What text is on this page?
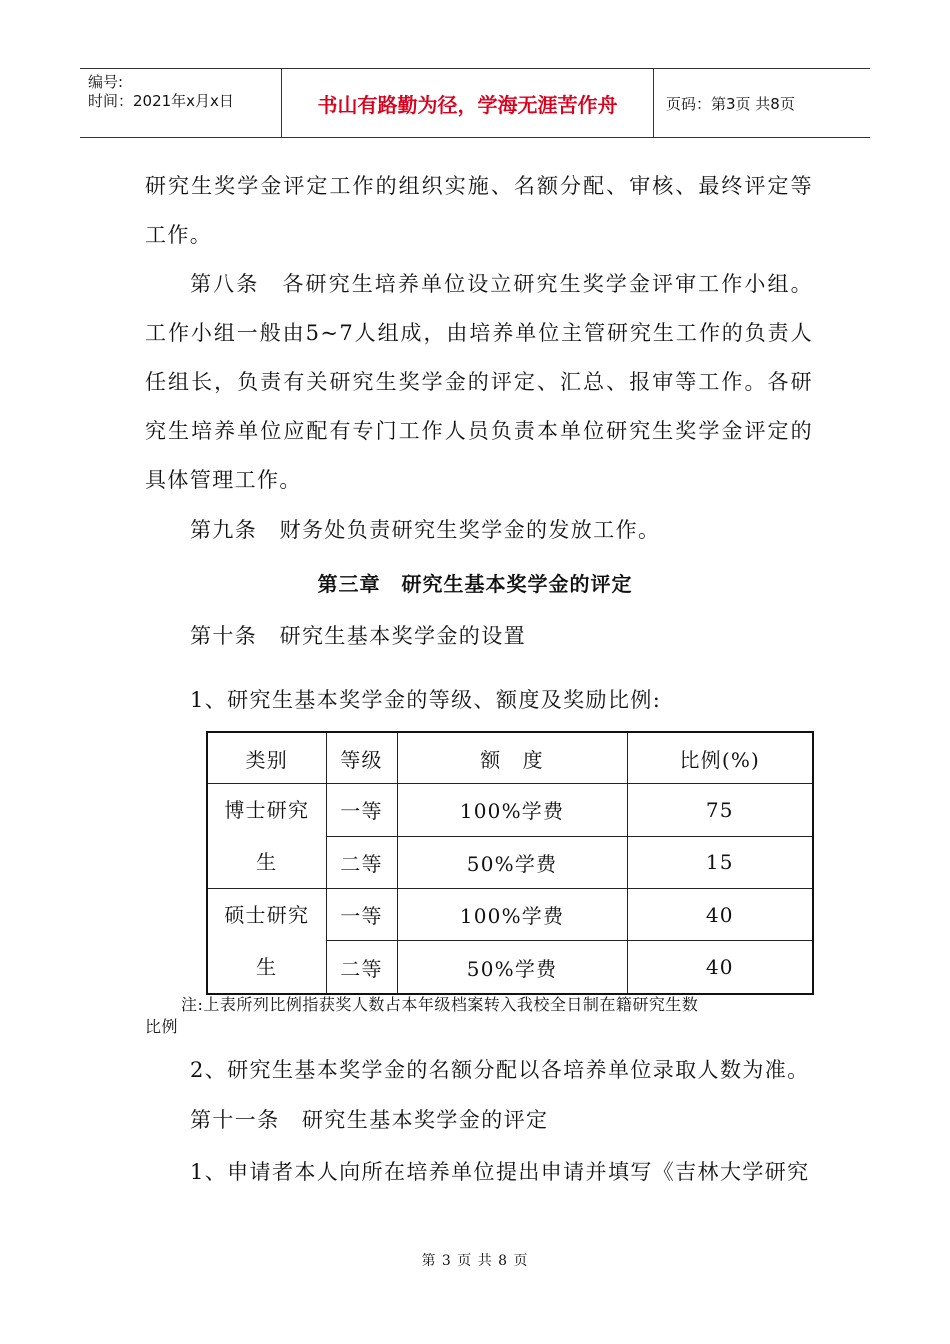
编号:
时间：2021年x月x日	书山有路勤为径，学海无涯苦作舟	页码：第3页 共8页
研究生奖学金评定工作的组织实施、名额分配、审核、最终评定等工作。
第八条　各研究生培养单位设立研究生奖学金评审工作小组。工作小组一般由5~7人组成，由培养单位主管研究生工作的负责人任组长，负责有关研究生奖学金的评定、汇总、报审等工作。各研究生培养单位应配有专门工作人员负责本单位研究生奖学金评定的具体管理工作。
第九条　财务处负责研究生奖学金的发放工作。
第三章　研究生基本奖学金的评定
第十条　研究生基本奖学金的设置
1、研究生基本奖学金的等级、额度及奖励比例:
类别	等级	额　度	比例(%)

博士研究
生	一等	100%学费	75
	二等	50%学费	15

硕士研究
生	一等	100%学费	40
	二等	50%学费	40
注:上表所列比例指获奖人数占本年级档案转入我校全日制在籍研究生数
比例
2、研究生基本奖学金的名额分配以各培养单位录取人数为准。
第十一条　研究生基本奖学金的评定
1、申请者本人向所在培养单位提出申请并填写《吉林大学研究
第 3 页 共 8 页
